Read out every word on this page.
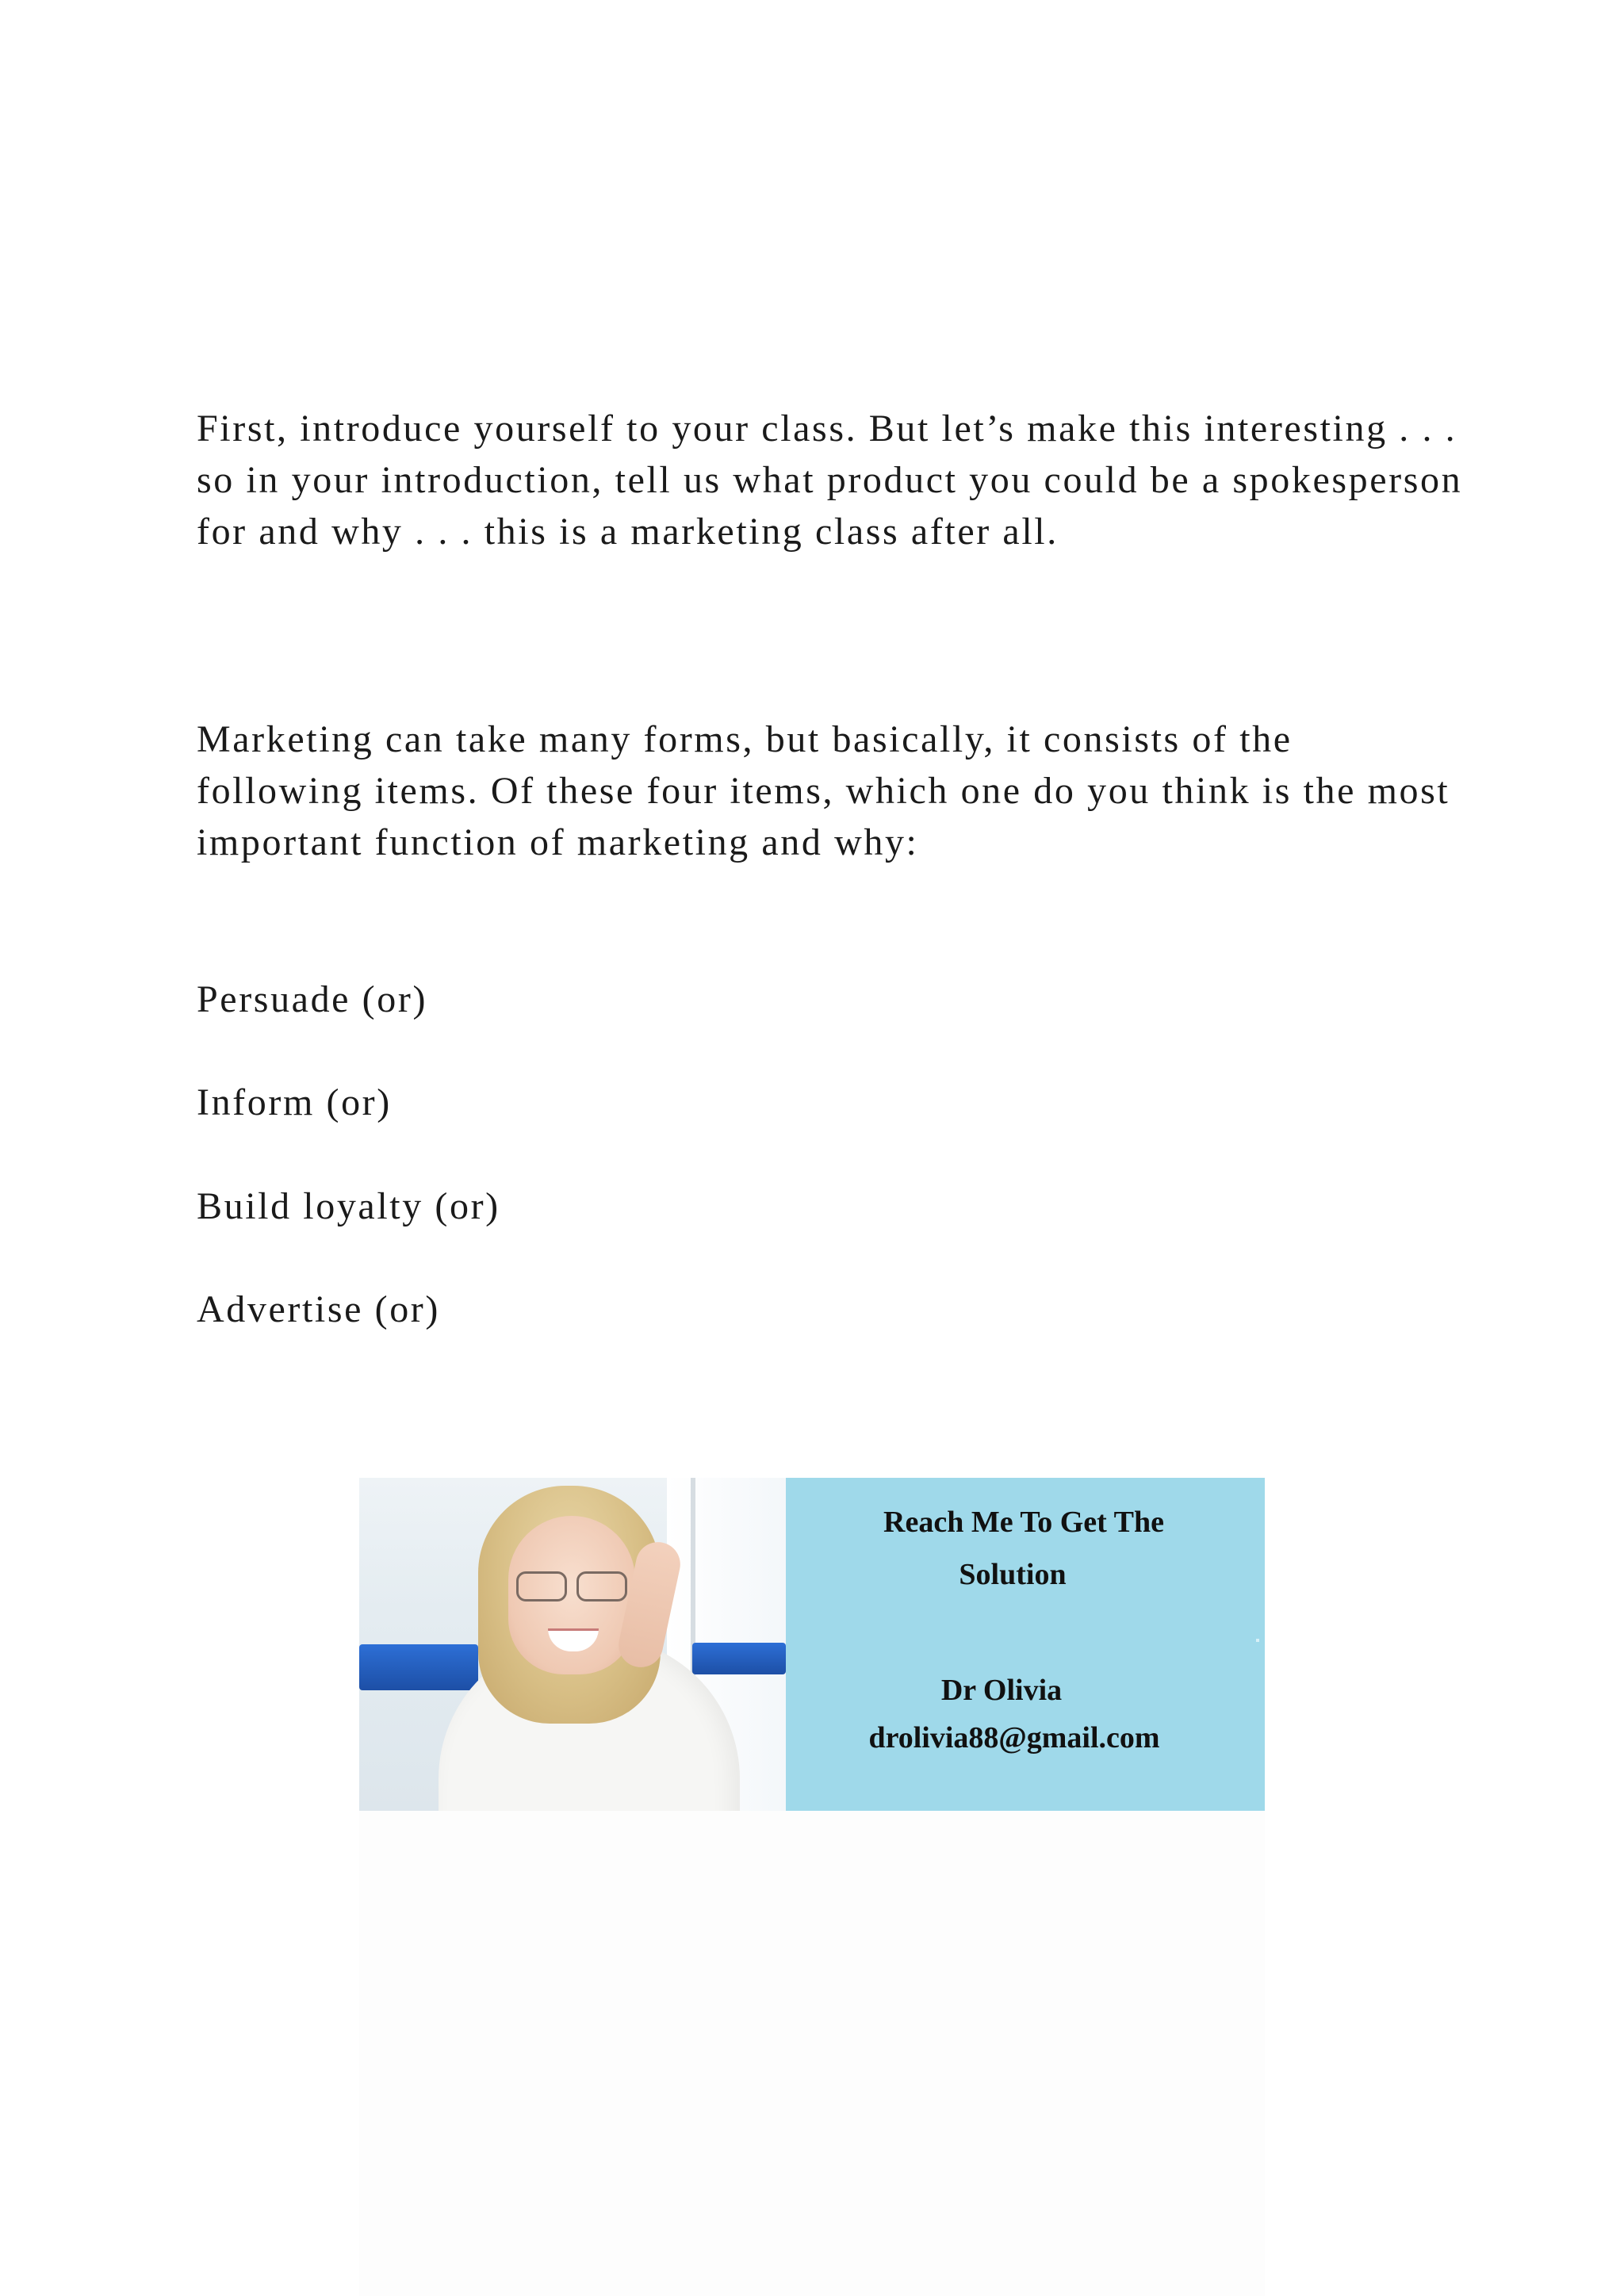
First, introduce yourself to your class. But let’s make this interesting . . . so in your introduction, tell us what product you could be a spokesperson for and why . . . this is a marketing class after all.

Marketing can take many forms, but basically, it consists of the following items. Of these four items, which one do you think is the most important function of marketing and why:

Persuade (or)

Inform (or)

Build loyalty (or)

Advertise (or)

Reach Me To Get The

Solution

Dr Olivia

drolivia88@gmail.com
